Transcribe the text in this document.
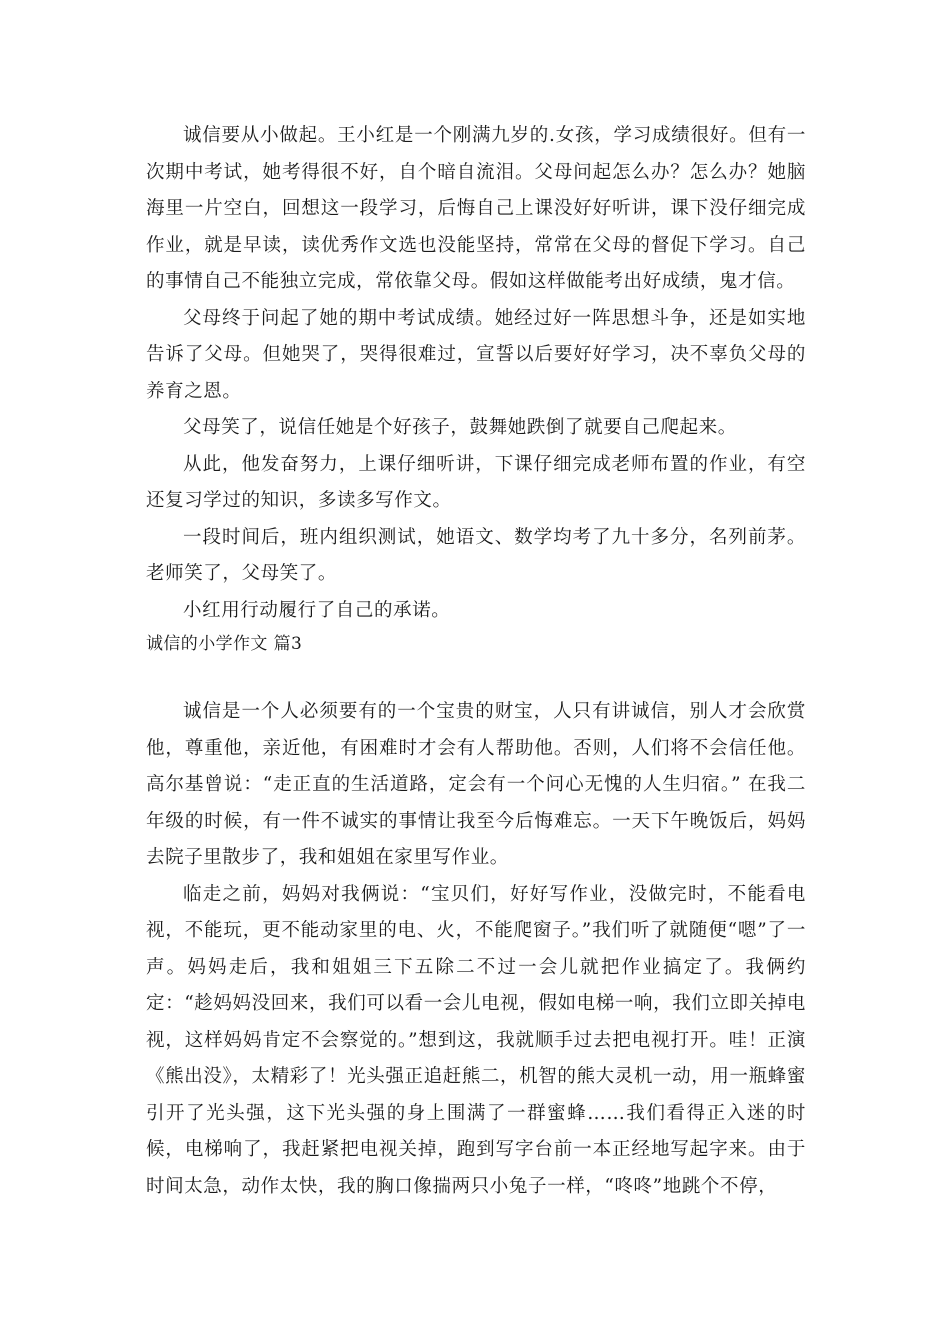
诚信要从小做起。王小红是一个刚满九岁的.女孩，学习成绩很好。但有一次期中考试，她考得很不好，自个暗自流泪。父母问起怎么办？怎么办？她脑海里一片空白，回想这一段学习，后悔自己上课没好好听讲，课下没仔细完成作业，就是早读，读优秀作文选也没能坚持，常常在父母的督促下学习。自己的事情自己不能独立完成，常依靠父母。假如这样做能考出好成绩，鬼才信。

父母终于问起了她的期中考试成绩。她经过好一阵思想斗争，还是如实地告诉了父母。但她哭了，哭得很难过，宣誓以后要好好学习，决不辜负父母的养育之恩。

父母笑了，说信任她是个好孩子，鼓舞她跌倒了就要自己爬起来。

从此，他发奋努力，上课仔细听讲，下课仔细完成老师布置的作业，有空还复习学过的知识，多读多写作文。

一段时间后，班内组织测试，她语文、数学均考了九十多分，名列前茅。老师笑了，父母笑了。

小红用行动履行了自己的承诺。

诚信的小学作文 篇3

诚信是一个人必须要有的一个宝贵的财宝，人只有讲诚信，别人才会欣赏他，尊重他，亲近他，有困难时才会有人帮助他。否则，人们将不会信任他。高尔基曾说：“走正直的生活道路，定会有一个问心无愧的人生归宿。” 在我二年级的时候，有一件不诚实的事情让我至今后悔难忘。一天下午晚饭后，妈妈去院子里散步了，我和姐姐在家里写作业。

临走之前，妈妈对我俩说：“宝贝们，好好写作业，没做完时，不能看电视，不能玩，更不能动家里的电、火，不能爬窗子。”我们听了就随便“嗯”了一声。妈妈走后，我和姐姐三下五除二不过一会儿就把作业搞定了。我俩约定：“趁妈妈没回来，我们可以看一会儿电视，假如电梯一响，我们立即关掉电视，这样妈妈肯定不会察觉的。”想到这，我就顺手过去把电视打开。哇！正演《熊出没》，太精彩了！光头强正追赶熊二，机智的熊大灵机一动，用一瓶蜂蜜引开了光头强，这下光头强的身上围满了一群蜜蜂……我们看得正入迷的时候，电梯响了，我赶紧把电视关掉，跑到写字台前一本正经地写起字来。由于时间太急，动作太快，我的胸口像揣两只小兔子一样，“咚咚”地跳个不停，
